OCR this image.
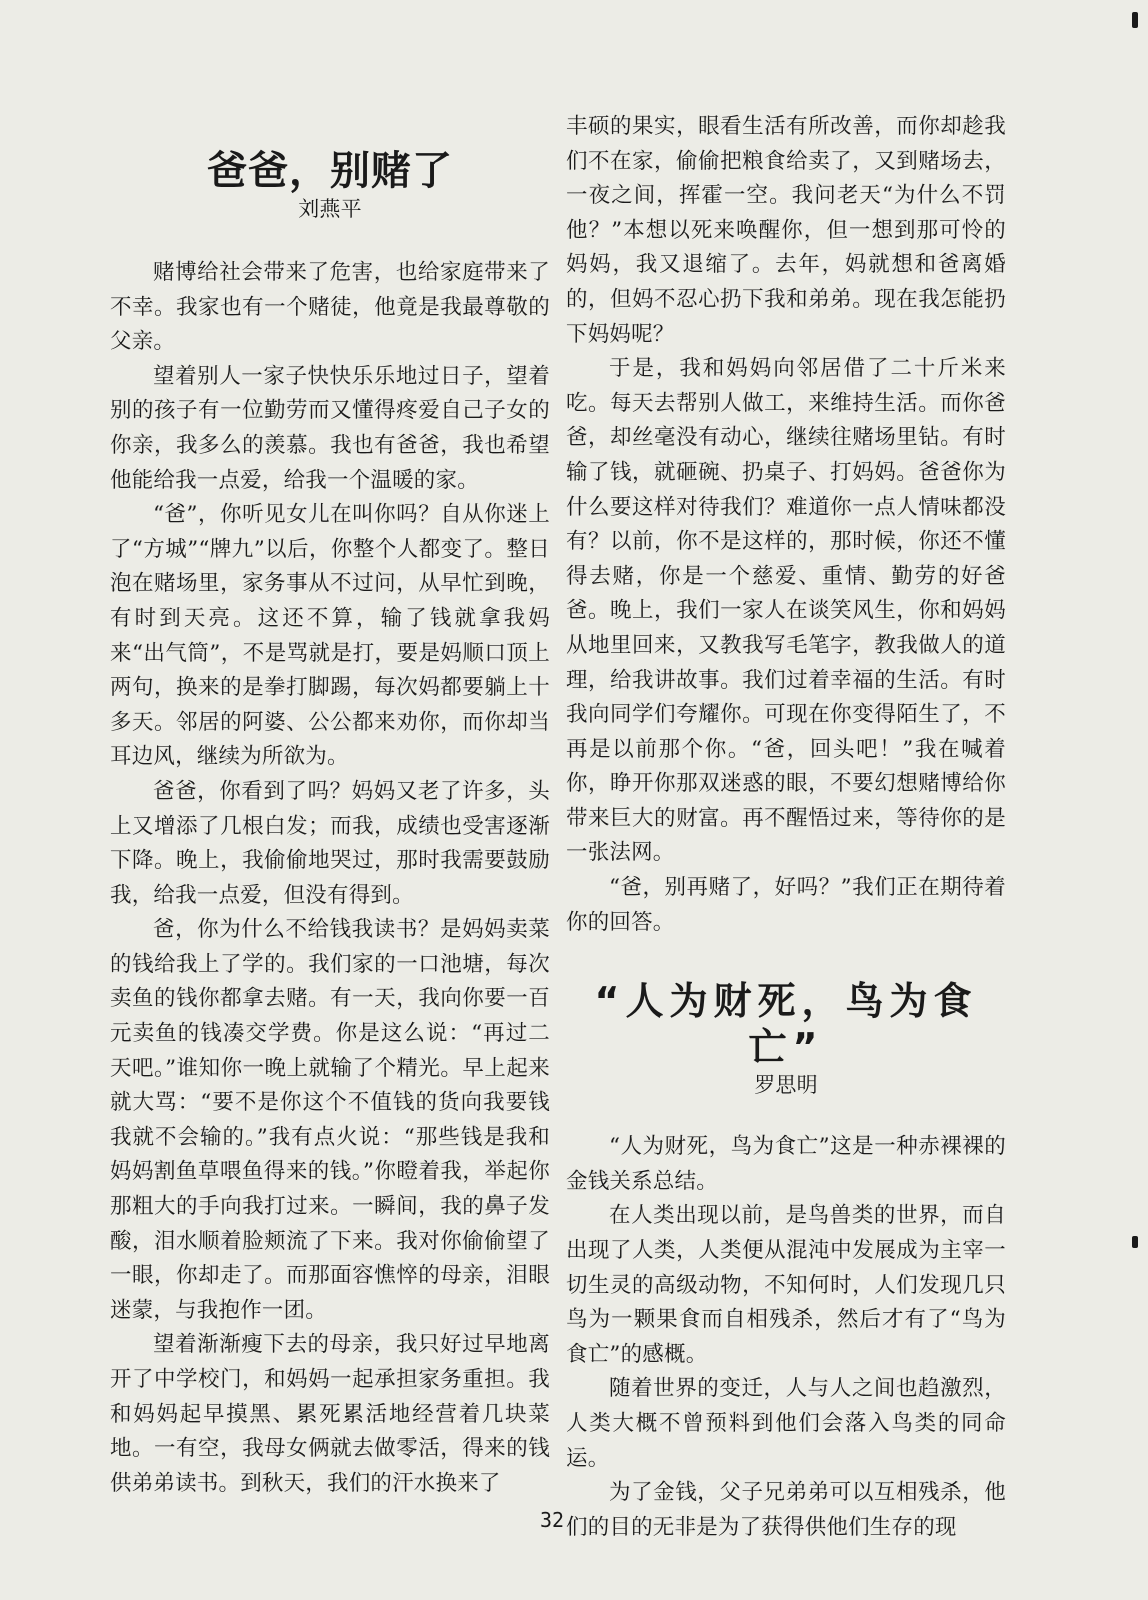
爸爸，别赌了
刘燕平

赌博给社会带来了危害，也给家庭带来了不幸。我家也有一个赌徒，他竟是我最尊敬的父亲。

望着别人一家子快快乐乐地过日子，望着别的孩子有一位勤劳而又懂得疼爱自己子女的你亲，我多么的羡慕。我也有爸爸，我也希望他能给我一点爱，给我一个温暖的家。

“爸”，你听见女儿在叫你吗？自从你迷上了“方城”“牌九”以后，你整个人都变了。整日泡在赌场里，家务事从不过问，从早忙到晚，有时到天亮。这还不算，输了钱就拿我妈来“出气筒”，不是骂就是打，要是妈顺口顶上两句，换来的是拳打脚踢，每次妈都要躺上十多天。邻居的阿婆、公公都来劝你，而你却当耳边风，继续为所欲为。

爸爸，你看到了吗？妈妈又老了许多，头上又增添了几根白发；而我，成绩也受害逐渐下降。晚上，我偷偷地哭过，那时我需要鼓励我，给我一点爱，但没有得到。

爸，你为什么不给钱我读书？是妈妈卖菜的钱给我上了学的。我们家的一口池塘，每次卖鱼的钱你都拿去赌。有一天，我向你要一百元卖鱼的钱凑交学费。你是这么说：“再过二天吧。”谁知你一晚上就输了个精光。早上起来就大骂：“要不是你这个不值钱的货向我要钱我就不会输的。”我有点火说：“那些钱是我和妈妈割鱼草喂鱼得来的钱。”你瞪着我，举起你那粗大的手向我打过来。一瞬间，我的鼻子发酸，泪水顺着脸颊流了下来。我对你偷偷望了一眼，你却走了。而那面容憔悴的母亲，泪眼迷蒙，与我抱作一团。

望着渐渐瘦下去的母亲，我只好过早地离开了中学校门，和妈妈一起承担家务重担。我和妈妈起早摸黑、累死累活地经营着几块菜地。一有空，我母女俩就去做零活，得来的钱供弟弟读书。到秋天，我们的汗水换来了

丰硕的果实，眼看生活有所改善，而你却趁我们不在家，偷偷把粮食给卖了，又到赌场去，一夜之间，挥霍一空。我问老天“为什么不罚他？”本想以死来唤醒你，但一想到那可怜的妈妈，我又退缩了。去年，妈就想和爸离婚的，但妈不忍心扔下我和弟弟。现在我怎能扔下妈妈呢？

于是，我和妈妈向邻居借了二十斤米来吃。每天去帮别人做工，来维持生活。而你爸爸，却丝毫没有动心，继续往赌场里钻。有时输了钱，就砸碗、扔桌子、打妈妈。爸爸你为什么要这样对待我们？难道你一点人情味都没有？以前，你不是这样的，那时候，你还不懂得去赌，你是一个慈爱、重情、勤劳的好爸爸。晚上，我们一家人在谈笑风生，你和妈妈从地里回来，又教我写毛笔字，教我做人的道理，给我讲故事。我们过着幸福的生活。有时我向同学们夸耀你。可现在你变得陌生了，不再是以前那个你。“爸，回头吧！”我在喊着你，睁开你那双迷惑的眼，不要幻想赌博给你带来巨大的财富。再不醒悟过来，等待你的是一张法网。

“爸，别再赌了，好吗？”我们正在期待着你的回答。

“人为财死，鸟为食亡”
罗思明

“人为财死，鸟为食亡”这是一种赤裸裸的金钱关系总结。

在人类出现以前，是鸟兽类的世界，而自出现了人类，人类便从混沌中发展成为主宰一切生灵的高级动物，不知何时，人们发现几只鸟为一颗果食而自相残杀，然后才有了“鸟为食亡”的感概。

随着世界的变迁，人与人之间也趋激烈，人类大概不曾预料到他们会落入鸟类的同命运。

为了金钱，父子兄弟弟可以互相残杀，他们的目的无非是为了获得供他们生存的现

32
